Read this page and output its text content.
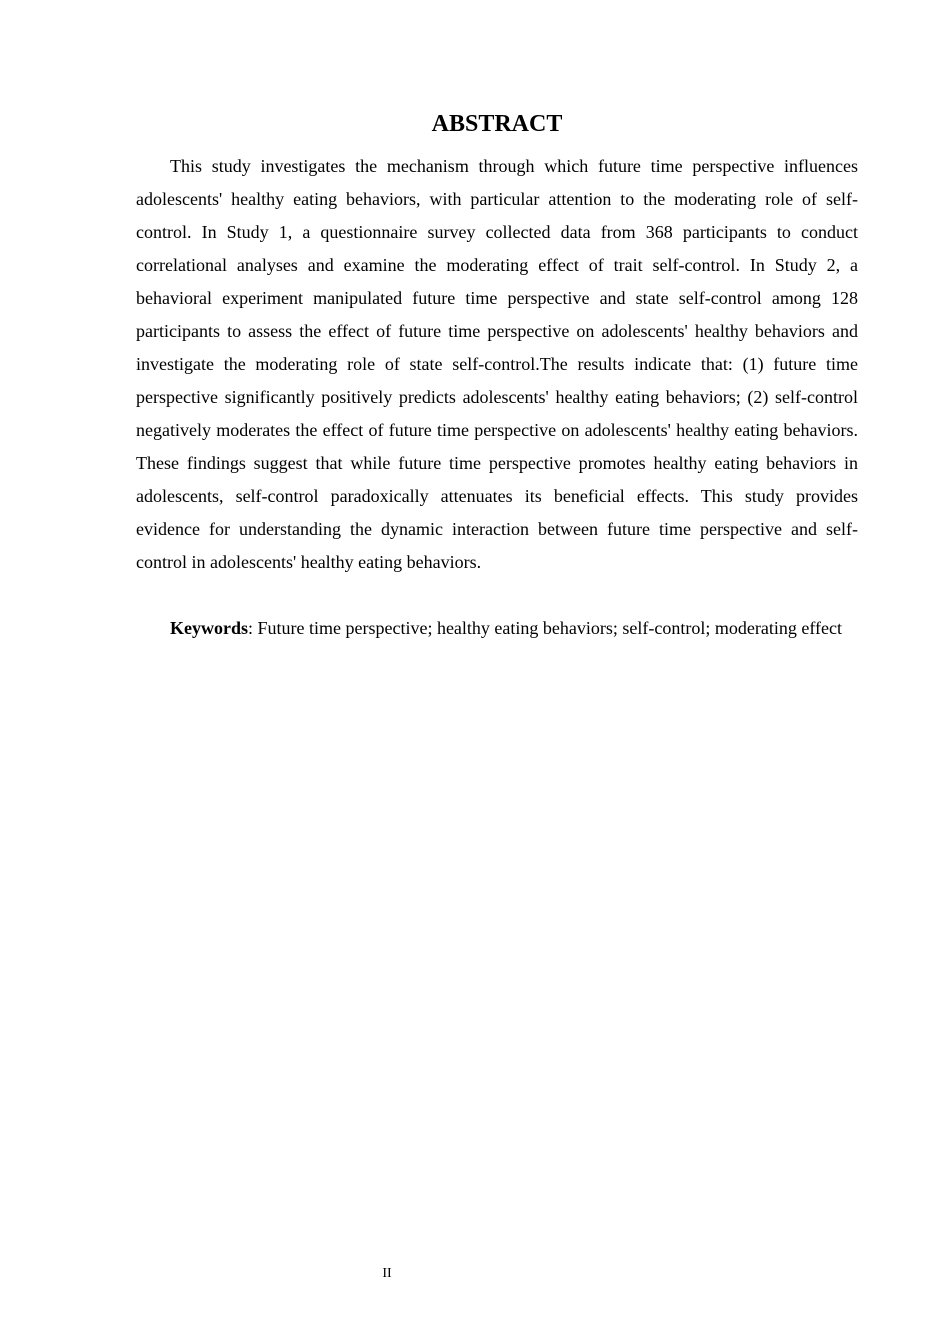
ABSTRACT

This study investigates the mechanism through which future time perspective influences adolescents' healthy eating behaviors, with particular attention to the moderating role of self-control. In Study 1, a questionnaire survey collected data from 368 participants to conduct correlational analyses and examine the moderating effect of trait self-control. In Study 2, a behavioral experiment manipulated future time perspective and state self-control among 128 participants to assess the effect of future time perspective on adolescents' healthy behaviors and investigate the moderating role of state self-control.The results indicate that: (1) future time perspective significantly positively predicts adolescents' healthy eating behaviors; (2) self-control negatively moderates the effect of future time perspective on adolescents' healthy eating behaviors. These findings suggest that while future time perspective promotes healthy eating behaviors in adolescents, self-control paradoxically attenuates its beneficial effects. This study provides evidence for understanding the dynamic interaction between future time perspective and self-control in adolescents' healthy eating behaviors.

Keywords: Future time perspective; healthy eating behaviors; self-control; moderating effect

II
